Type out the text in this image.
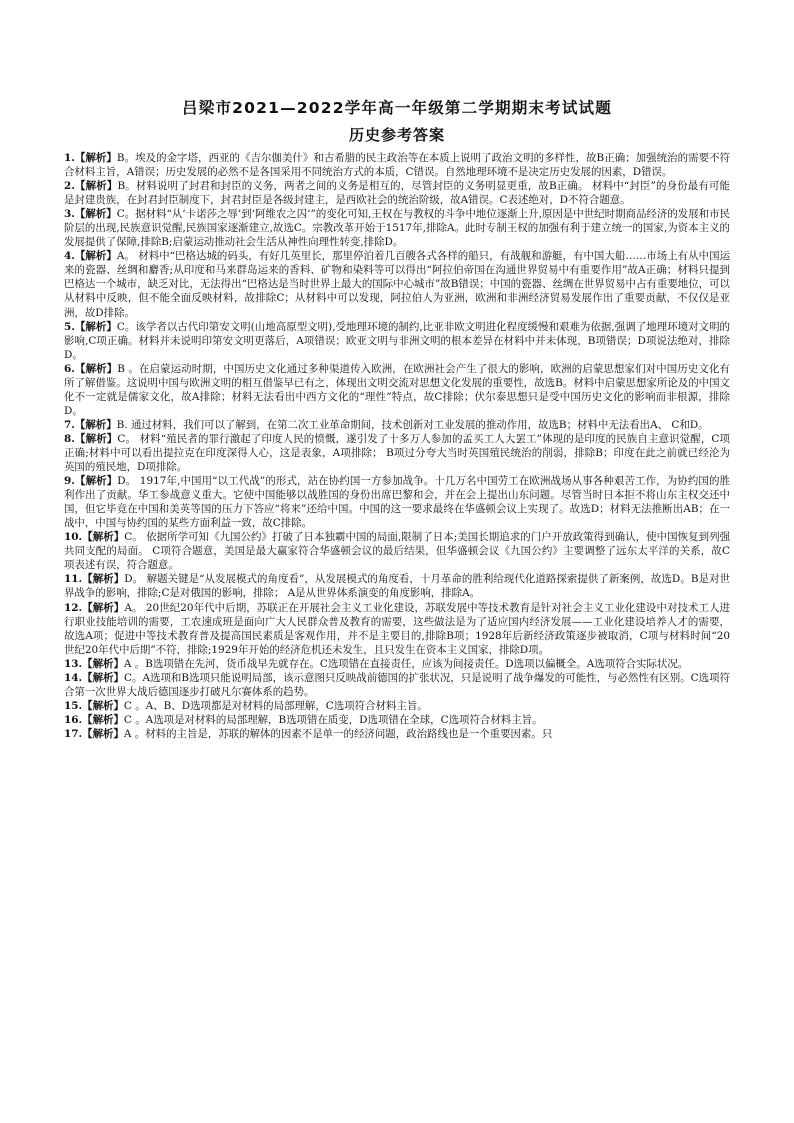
吕梁市2021—2022学年高一年级第二学期期末考试试题
历史参考答案

1.【解析】B。埃及的金字塔，西亚的《吉尔伽美什》和古希腊的民主政治等在本质上说明了政治文明的多样性，故B正确；加强统治的需要不符合材料主旨，A错误；历史发展的必然不是各国采用不同统治方式的本质，C错误。自然地理环境不是决定历史发展的因素，D错误。

2.【解析】B。材料说明了封君和封臣的义务，两者之间的义务是相互的，尽管封臣的义务明显更重，故B正确。 材料中“封臣”的身份最有可能是封建贵族，在封君封臣制度下，封君封臣是各级封建主，是西欧社会的统治阶级，故A错误。C表述绝对，D不符合题意。

3.【解析】C。据材料“从‘卡诺莎之辱’到‘阿维农之囚’”的变化可知,王权在与教权的斗争中地位逐渐上升,原因是中世纪时期商品经济的发展和市民阶层的出现,民族意识觉醒,民族国家逐渐建立,故选C。宗教改革开始于1517年,排除A。此时专制王权的加强有利于建立统一的国家,为资本主义的发展提供了保障,排除B;启蒙运动推动社会生活从神性向理性转变,排除D。

4.【解析】A。 材料中“巴格达城的码头，有好几英里长，那里停泊着几百艘各式各样的船只，有战舰和游艇，有中国大船……市场上有从中国运来的瓷器、丝绸和麝香;从印度和马来群岛运来的香料、矿物和染料等可以得出“阿拉伯帝国在沟通世界贸易中有重要作用”故A正确；材料只提到巴格达一个城市，缺乏对比，无法得出“巴格达是当时世界上最大的国际中心城市”故B错误；中国的瓷器、丝绸在世界贸易中占有重要地位，可以从材料中反映，但不能全面反映材料，故排除C；从材料中可以发现，阿拉伯人为亚洲，欧洲和非洲经济贸易发展作出了重要贡献，不仅仅是亚洲，故D排除。

5.【解析】C。该学者以古代印第安文明(山地高原型文明),受地理环境的制约,比亚非欧文明进化程度缓慢和艰难为依据,强调了地理环境对文明的影响,C项正确。材料并未说明印第安文明更落后，A项错误；欧亚文明与非洲文明的根本差异在材料中并未体现，B项错误；D项说法绝对，排除D。

6.【解析】B 。在启蒙运动时期，中国历史文化通过多种渠道传入欧洲，在欧洲社会产生了很大的影响，欧洲的启蒙思想家们对中国历史文化有所了解借鉴。这说明中国与欧洲文明的相互借鉴早已有之，体现出文明交流对思想文化发展的重要性，故选B。材料中启蒙思想家所论及的中国文化不一定就是儒家文化，故A排除；材料无法看出中西方文化的“理性”特点，故C排除；伏尔泰思想只是受中国历史文化的影响而非根源，排除D。

7.【解析】B. 通过材料，我们可以了解到，在第二次工业革命期间，技术创新对工业发展的推动作用，故选B；材料中无法看出A、 C和D。

8.【解析】C。 材料“殖民者的罪行激起了印度人民的愤慨，遂引发了十多万人参加的孟买工人大罢工”体现的是印度的民族自主意识觉醒，C项正确;材料中可以看出提拉克在印度深得人心，这是表象，A项排除； B项过分夸大当时英国殖民统治的削弱，排除B；印度在此之前就已经沦为英国的殖民地，D项排除。

9.【解析】D。 1917年,中国用“以工代战”的形式，站在协约国一方参加战争。十几万名中国劳工在欧洲战场从事各种艰苦工作，为协约国的胜利作出了贡献。华工参战意义重大。它使中国能够以战胜国的身份出席巴黎和会，并在会上提出山东问题。尽管当时日本拒不将山东主权交还中国，但它毕竟在中国和美英等国的压力下答应“将来”还给中国。中国的这一要求最终在华盛顿会议上实现了。故选D；材料无法推断出AB；在一战中，中国与协约国的某些方面利益一致，故C排除。

10.【解析】C。 依据所学可知《九国公约》打破了日本独霸中国的局面,限制了日本;美国长期追求的门户开放政策得到确认，使中国恢复到列强共同支配的局面。 C项符合题意，美国是最大赢家符合华盛顿会议的最后结果，但华盛顿会议《九国公约》主要调整了远东太平洋的关系，故C项表述有误，符合题意。

11.【解析】D。 解题关键是“从发展模式的角度看”，从发展模式的角度看，十月革命的胜利给现代化道路探索提供了新案例，故选D。B是对世界战争的影响，排除;C是对俄国的影响，排除； A是从世界体系演变的角度影响，排除A。

12.【解析】A。 20世纪20年代中后期，苏联正在开展社会主义工业化建设，苏联发展中等技术教育是针对社会主义工业化建设中对技术工人进行职业技能培训的需要，工农速成班是面向广大人民群众普及教育的需要，这些做法是为了适应国内经济发展——工业化建设培养人才的需要，故选A项；促进中等技术教育普及提高国民素质是客观作用，并不是主要目的,排除B项；1928年后新经济政策逐步被取消，C项与材料时间“20世纪20年代中后期”不符，排除;1929年开始的经济危机还未发生，且只发生在资本主义国家，排除D项。

13.【解析】A 。B选项错在先河，货币战早先就存在。C选项错在直接责任，应该为间接责任。D选项以偏概全。A选项符合实际状况。

14.【解析】C。A选项和B选项只能说明局部，该示意图只反映战前德国的扩张状况，只是说明了战争爆发的可能性，与必然性有区别。C选项符合第一次世界大战后德国逐步打破凡尔赛体系的趋势。

15.【解析】C 。A、B、D选项都是对材料的局部理解，C选项符合材料主旨。

16.【解析】C 。A选项是对材料的局部理解，B选项错在质变，D选项错在全球，C选项符合材料主旨。

17.【解析】A 。材料的主旨是，苏联的解体的因素不是单一的经济问题，政治路线也是一个重要因素。只
